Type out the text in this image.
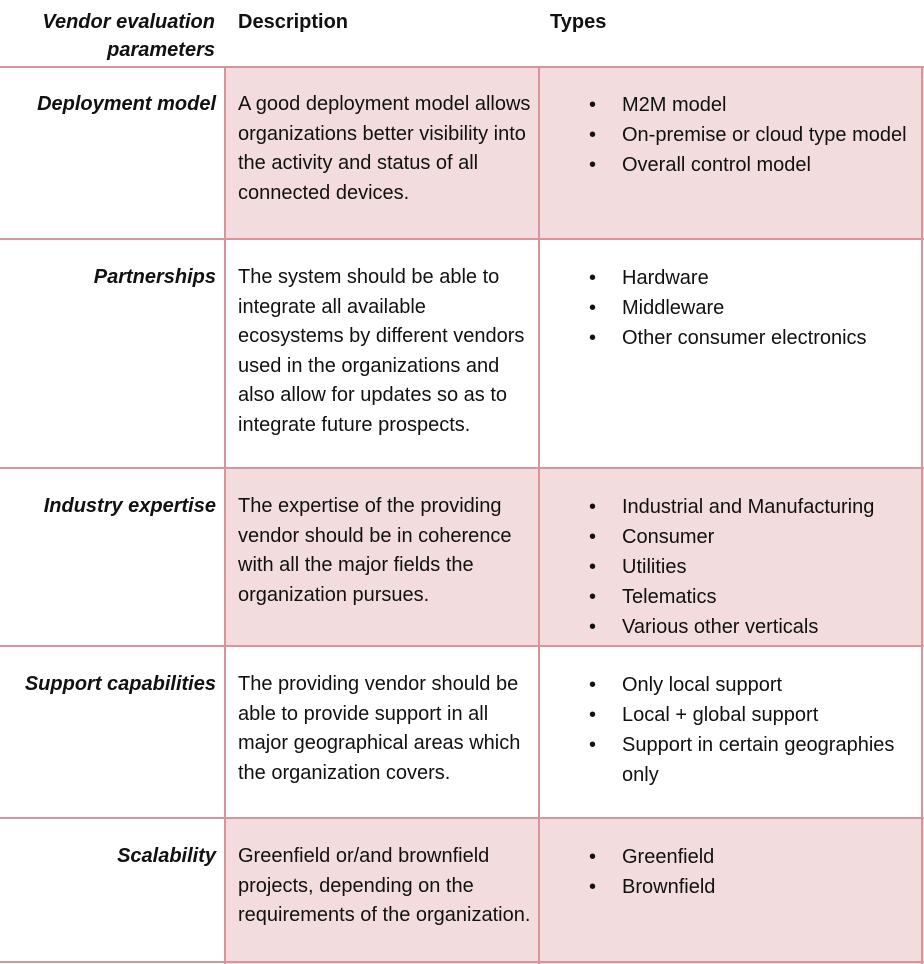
Vendor evaluation
parameters
Description	Types
Deployment model A good deployment model allows organizations better visibility into the activity and status of all connected devices.
• M2M model
• On-premise or cloud type model
• Overall control model
Partnerships The system should be able to integrate all available ecosystems by different vendors used in the organizations and also allow for updates so as to integrate future prospects.
• Hardware
• Middleware
• Other consumer electronics
Industry expertise The expertise of the providing vendor should be in coherence with all the major fields the organization pursues.
• Industrial and Manufacturing
• Consumer
• Utilities
• Telematics
• Various other verticals
Support capabilities The providing vendor should be able to provide support in all major geographical areas which the organization covers.
• Only local support
• Local + global support
• Support in certain geographies only
Scalability Greenfield or/and brownfield projects, depending on the requirements of the organization.
• Greenfield
• Brownfield
